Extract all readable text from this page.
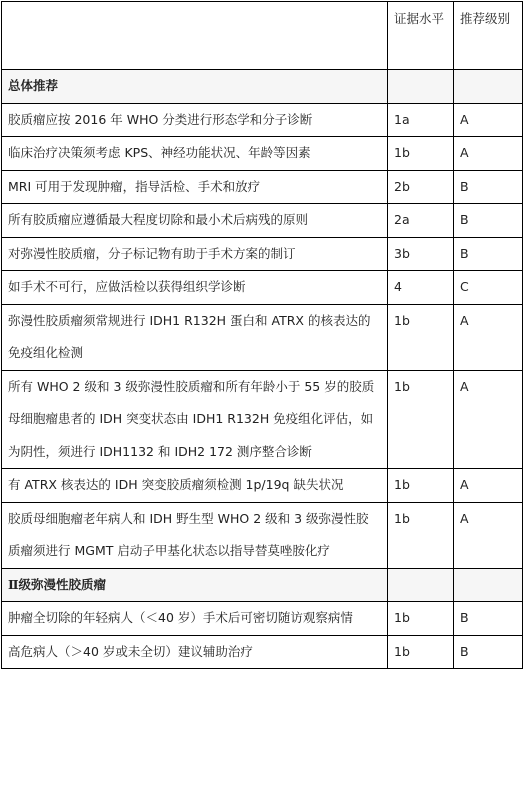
	证据水平	推荐级别
总体推荐		
胶质瘤应按 2016 年 WHO 分类进行形态学和分子诊断	1a	A
临床治疗决策须考虑 KPS、神经功能状况、年龄等因素	1b	A
MRI 可用于发现肿瘤，指导活检、手术和放疗	2b	B
所有胶质瘤应遵循最大程度切除和最小术后病残的原则	2a	B
对弥漫性胶质瘤，分子标记物有助于手术方案的制订	3b	B
如手术不可行，应做活检以获得组织学诊断	4	C
弥漫性胶质瘤须常规进行 IDH1 R132H 蛋白和 ATRX 的核表达的免疫组化检测	1b	A
所有 WHO 2 级和 3 级弥漫性胶质瘤和所有年龄小于 55 岁的胶质母细胞瘤患者的 IDH 突变状态由 IDH1 R132H 免疫组化评估，如为阴性，须进行 IDH1132 和 IDH2 172 测序整合诊断	1b	A
有 ATRX 核表达的 IDH 突变胶质瘤须检测 1p/19q 缺失状况	1b	A
胶质母细胞瘤老年病人和 IDH 野生型 WHO 2 级和 3 级弥漫性胶质瘤须进行 MGMT 启动子甲基化状态以指导替莫唑胺化疗	1b	A
Ⅱ级弥漫性胶质瘤		
肿瘤全切除的年轻病人（＜40 岁）手术后可密切随访观察病情	1b	B
高危病人（＞40 岁或未全切）建议辅助治疗	1b	B
